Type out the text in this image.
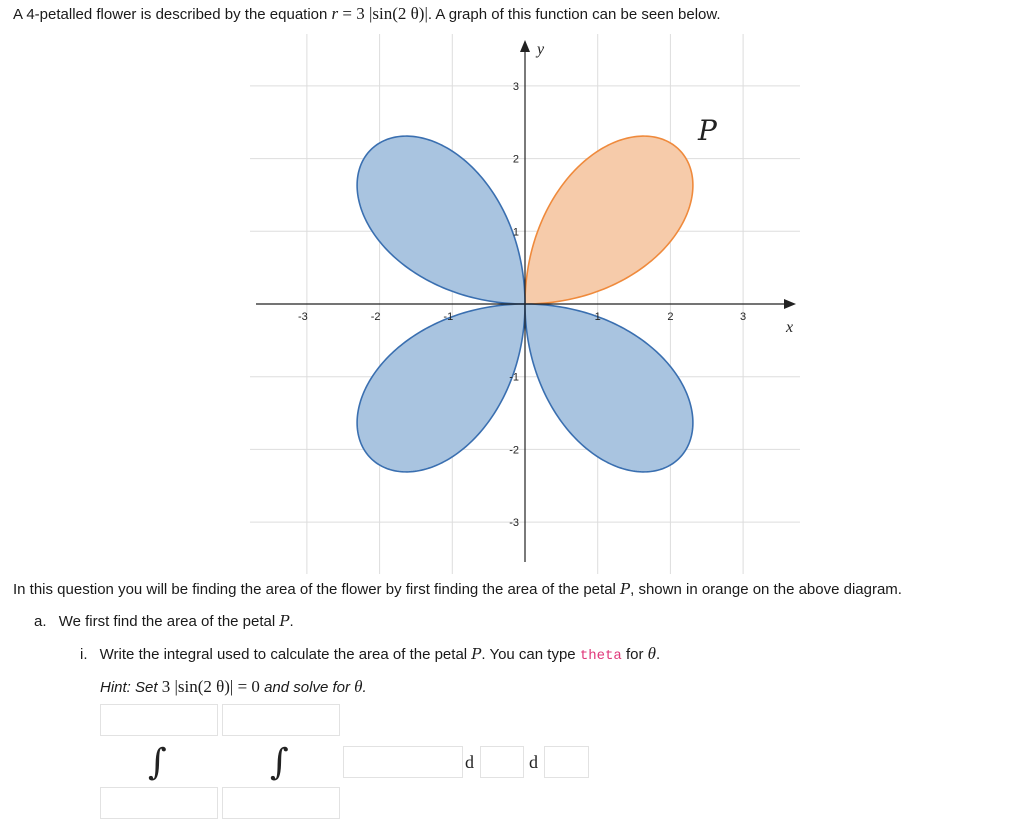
A 4-petalled flower is described by the equation r = 3 |sin(2 θ)|. A graph of this function can be seen below.
-3	-2	-1	1	2	3
3
2
1
-1
-2
-3
x
y
P
In this question you will be finding the area of the flower by first finding the area of the petal P, shown in orange on the above diagram.
a. We first find the area of the petal P.
i. Write the integral used to calculate the area of the petal P. You can type theta for θ.
Hint: Set 3 |sin(2 θ)| = 0 and solve for θ.
∫	∫	d	d
